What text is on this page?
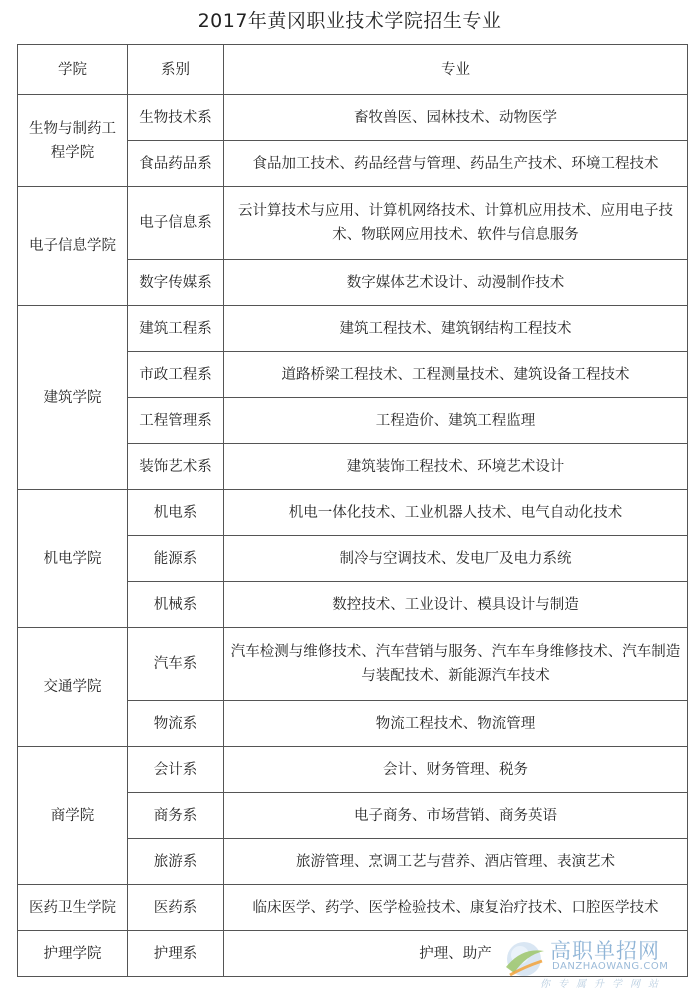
2017年黄冈职业技术学院招生专业
学院	系别	专业
生物与制药工程学院	生物技术系	畜牧兽医、园林技术、动物医学
	食品药品系	食品加工技术、药品经营与管理、药品生产技术、环境工程技术
电子信息学院	电子信息系	云计算技术与应用、计算机网络技术、计算机应用技术、应用电子技术、物联网应用技术、软件与信息服务
	数字传媒系	数字媒体艺术设计、动漫制作技术
建筑学院	建筑工程系	建筑工程技术、建筑钢结构工程技术
	市政工程系	道路桥梁工程技术、工程测量技术、建筑设备工程技术
	工程管理系	工程造价、建筑工程监理
	装饰艺术系	建筑装饰工程技术、环境艺术设计
机电学院	机电系	机电一体化技术、工业机器人技术、电气自动化技术
	能源系	制冷与空调技术、发电厂及电力系统
	机械系	数控技术、工业设计、模具设计与制造
交通学院	汽车系	汽车检测与维修技术、汽车营销与服务、汽车车身维修技术、汽车制造与装配技术、新能源汽车技术
	物流系	物流工程技术、物流管理
商学院	会计系	会计、财务管理、税务
	商务系	电子商务、市场营销、商务英语
	旅游系	旅游管理、烹调工艺与营养、酒店管理、表演艺术
医药卫生学院	医药系	临床医学、药学、医学检验技术、康复治疗技术、口腔医学技术
护理学院	护理系	护理、助产	高职单招网
DANZHAOWANG.COM
你专属升学网站
